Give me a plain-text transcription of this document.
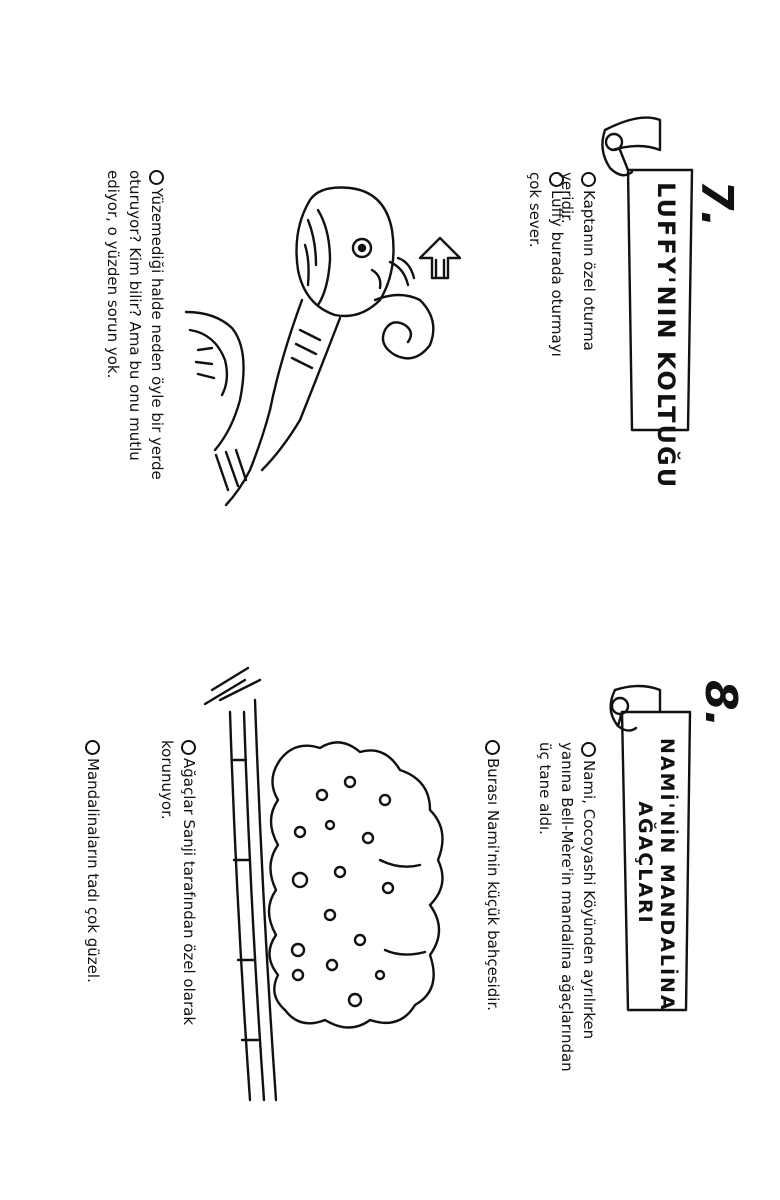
7.
LUFFY'NIN KOLTUĞU
Kaptanın özel oturma yeridir.
Luffy burada oturmayı çok sever.
Yüzemediği halde neden öyle bir yerde oturuyor? Kim bilir? Ama bu onu mutlu ediyor, o yüzden sorun yok.
8.
NAMİ'NİN MANDALİNA
AĞAÇLARI
Nami, Cocoyashi Köyünden ayrılırken yanına Bell-Mère'in mandalina ağaçlarından üç tane aldı.
Burası Nami'nin küçük bahçesidir.
Ağaçlar Sanji tarafından özel olarak korunuyor.
Mandalinaların tadı çok güzel.
